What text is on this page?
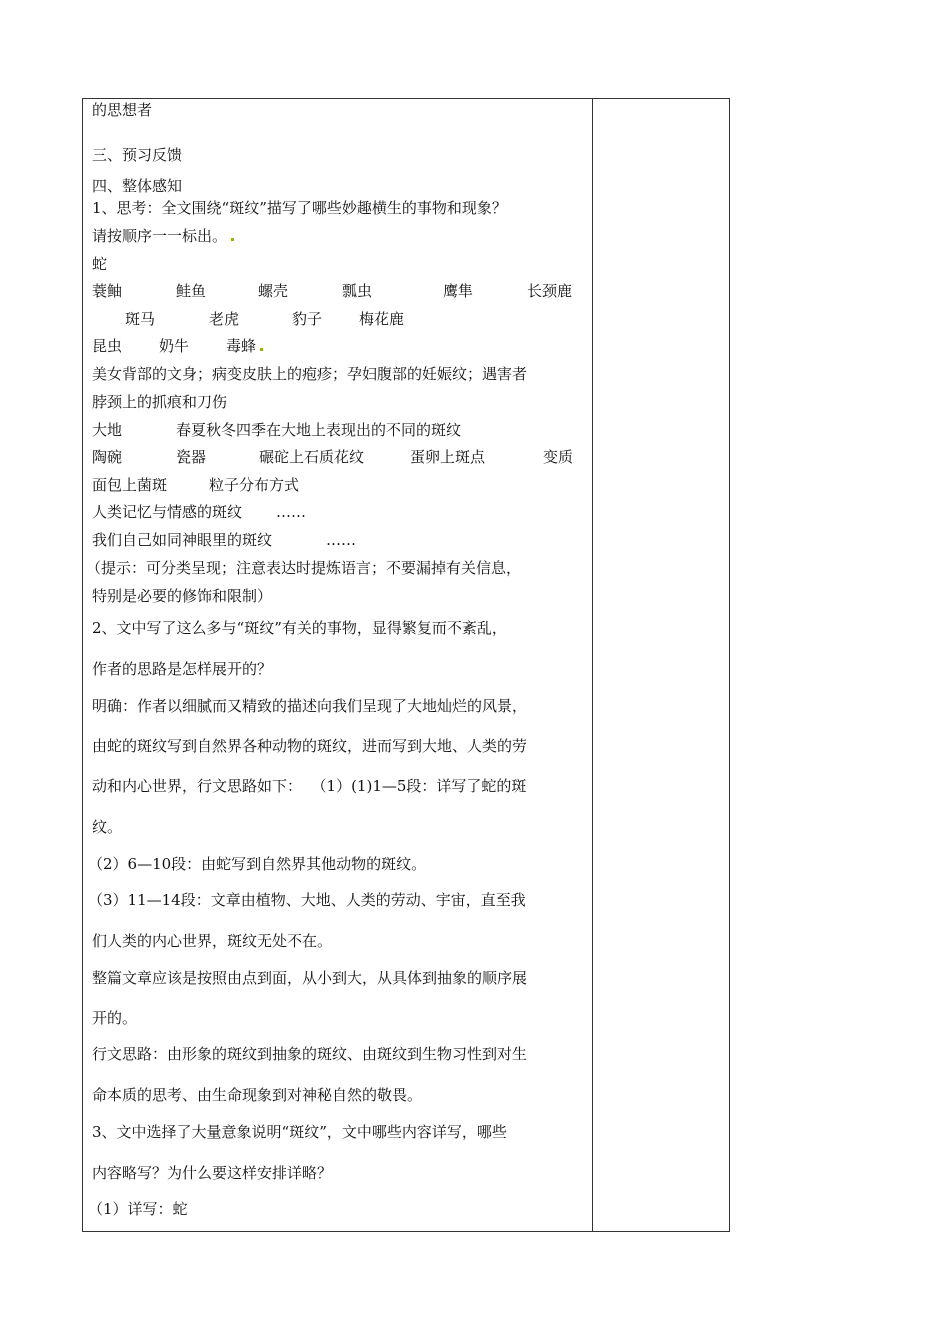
的思想者
三、预习反馈
四、整体感知
1、思考：全文围绕“斑纹”描写了哪些妙趣横生的事物和现象？
请按顺序一一标出。
蛇
蓑鲉	鲑鱼	螺壳	瓢虫	鹰隼	长颈鹿
斑马	老虎	豹子 梅花鹿
昆虫 奶牛 毒蜂
美女背部的文身；病变皮肤上的疱疹；孕妇腹部的妊娠纹；遇害者
脖颈上的抓痕和刀伤
大地	春夏秋冬四季在大地上表现出的不同的斑纹
陶碗	瓷器	碾砣上石质花纹	蛋卵上斑点	变质
面包上菌斑	粒子分布方式
人类记忆与情感的斑纹 ……
我们自己如同神眼里的斑纹	……
（提示：可分类呈现；注意表达时提炼语言；不要漏掉有关信息，
特别是必要的修饰和限制）
2、文中写了这么多与“斑纹”有关的事物，显得繁复而不紊乱，
作者的思路是怎样展开的？
明确：作者以细腻而又精致的描述向我们呈现了大地灿烂的风景，
由蛇的斑纹写到自然界各种动物的斑纹，进而写到大地、人类的劳
动和内心世界，行文思路如下：  （1）(1)1—5段：详写了蛇的斑
纹。
（2）6—10段：由蛇写到自然界其他动物的斑纹。
（3）11—14段：文章由植物、大地、人类的劳动、宇宙，直至我
们人类的内心世界，斑纹无处不在。
整篇文章应该是按照由点到面，从小到大，从具体到抽象的顺序展
开的。
行文思路：由形象的斑纹到抽象的斑纹、由斑纹到生物习性到对生
命本质的思考、由生命现象到对神秘自然的敬畏。
3、文中选择了大量意象说明“斑纹”，文中哪些内容详写，哪些
内容略写？为什么要这样安排详略？
（1）详写：蛇
